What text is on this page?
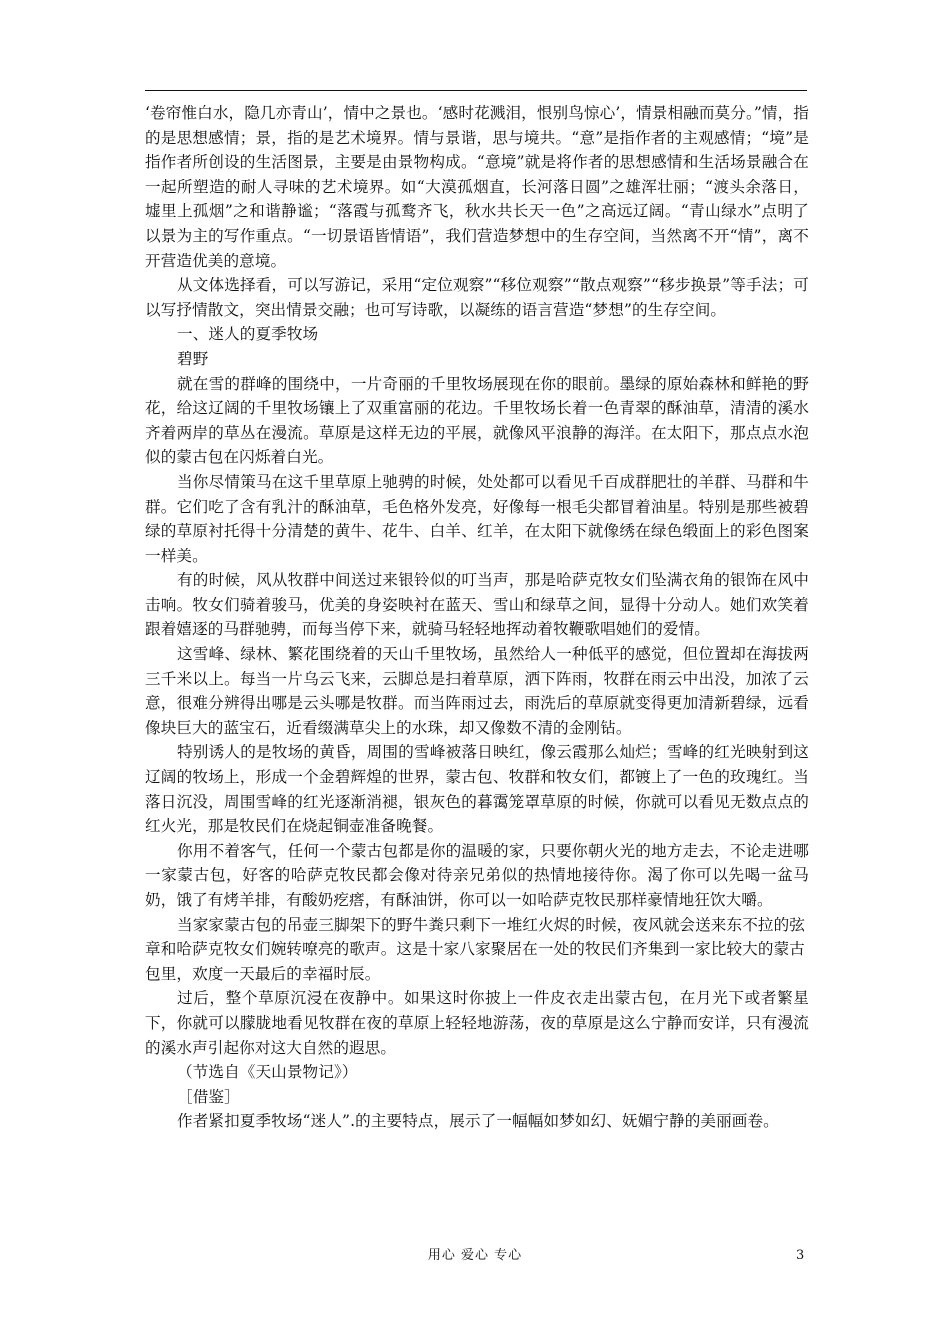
‘卷帘惟白水，隐几亦青山’，情中之景也。‘感时花溅泪，恨别鸟惊心’，情景相融而莫分。”情，指的是思想感情；景，指的是艺术境界。情与景谐，思与境共。“意”是指作者的主观感情；“境”是指作者所创设的生活图景，主要是由景物构成。“意境”就是将作者的思想感情和生活场景融合在一起所塑造的耐人寻味的艺术境界。如“大漠孤烟直，长河落日圆”之雄浑壮丽；“渡头余落日，墟里上孤烟”之和谐静谧；“落霞与孤鹜齐飞，秋水共长天一色”之高远辽阔。“青山绿水”点明了以景为主的写作重点。“一切景语皆情语”，我们营造梦想中的生存空间，当然离不开“情”，离不开营造优美的意境。

从文体选择看，可以写游记，采用“定位观察”“移位观察”“散点观察”“移步换景”等手法；可以写抒情散文，突出情景交融；也可写诗歌，以凝练的语言营造“梦想”的生存空间。

一、迷人的夏季牧场

碧野

就在雪的群峰的围绕中，一片奇丽的千里牧场展现在你的眼前。墨绿的原始森林和鲜艳的野花，给这辽阔的千里牧场镶上了双重富丽的花边。千里牧场长着一色青翠的酥油草，清清的溪水齐着两岸的草丛在漫流。草原是这样无边的平展，就像风平浪静的海洋。在太阳下，那点点水泡似的蒙古包在闪烁着白光。

当你尽情策马在这千里草原上驰骋的时候，处处都可以看见千百成群肥壮的羊群、马群和牛群。它们吃了含有乳汁的酥油草，毛色格外发亮，好像每一根毛尖都冒着油星。特别是那些被碧绿的草原衬托得十分清楚的黄牛、花牛、白羊、红羊，在太阳下就像绣在绿色缎面上的彩色图案一样美。

有的时候，风从牧群中间送过来银铃似的叮当声，那是哈萨克牧女们坠满衣角的银饰在风中击响。牧女们骑着骏马，优美的身姿映衬在蓝天、雪山和绿草之间，显得十分动人。她们欢笑着跟着嬉逐的马群驰骋，而每当停下来，就骑马轻轻地挥动着牧鞭歌唱她们的爱情。

这雪峰、绿林、繁花围绕着的天山千里牧场，虽然给人一种低平的感觉，但位置却在海拔两三千米以上。每当一片乌云飞来，云脚总是扫着草原，洒下阵雨，牧群在雨云中出没，加浓了云意，很难分辨得出哪是云头哪是牧群。而当阵雨过去，雨洗后的草原就变得更加清新碧绿，远看像块巨大的蓝宝石，近看缀满草尖上的水珠，却又像数不清的金刚钻。

特别诱人的是牧场的黄昏，周围的雪峰被落日映红，像云霞那么灿烂；雪峰的红光映射到这辽阔的牧场上，形成一个金碧辉煌的世界，蒙古包、牧群和牧女们，都镀上了一色的玫瑰红。当落日沉没，周围雪峰的红光逐渐消褪，银灰色的暮霭笼罩草原的时候，你就可以看见无数点点的红火光，那是牧民们在烧起铜壶准备晚餐。

你用不着客气，任何一个蒙古包都是你的温暖的家，只要你朝火光的地方走去，不论走进哪一家蒙古包，好客的哈萨克牧民都会像对待亲兄弟似的热情地接待你。渴了你可以先喝一盆马奶，饿了有烤羊排，有酸奶疙瘩，有酥油饼，你可以一如哈萨克牧民那样豪情地狂饮大嚼。

当家家蒙古包的吊壶三脚架下的野牛粪只剩下一堆红火烬的时候，夜风就会送来东不拉的弦章和哈萨克牧女们婉转嘹亮的歌声。这是十家八家聚居在一处的牧民们齐集到一家比较大的蒙古包里，欢度一天最后的幸福时辰。

过后，整个草原沉浸在夜静中。如果这时你披上一件皮衣走出蒙古包，在月光下或者繁星下，你就可以朦胧地看见牧群在夜的草原上轻轻地游荡，夜的草原是这么宁静而安详，只有漫流的溪水声引起你对这大自然的遐思。

（节选自《天山景物记》）

［借鉴］

作者紧扣夏季牧场“迷人”.的主要特点，展示了一幅幅如梦如幻、妩媚宁静的美丽画卷。

用心 爱心 专心	3
